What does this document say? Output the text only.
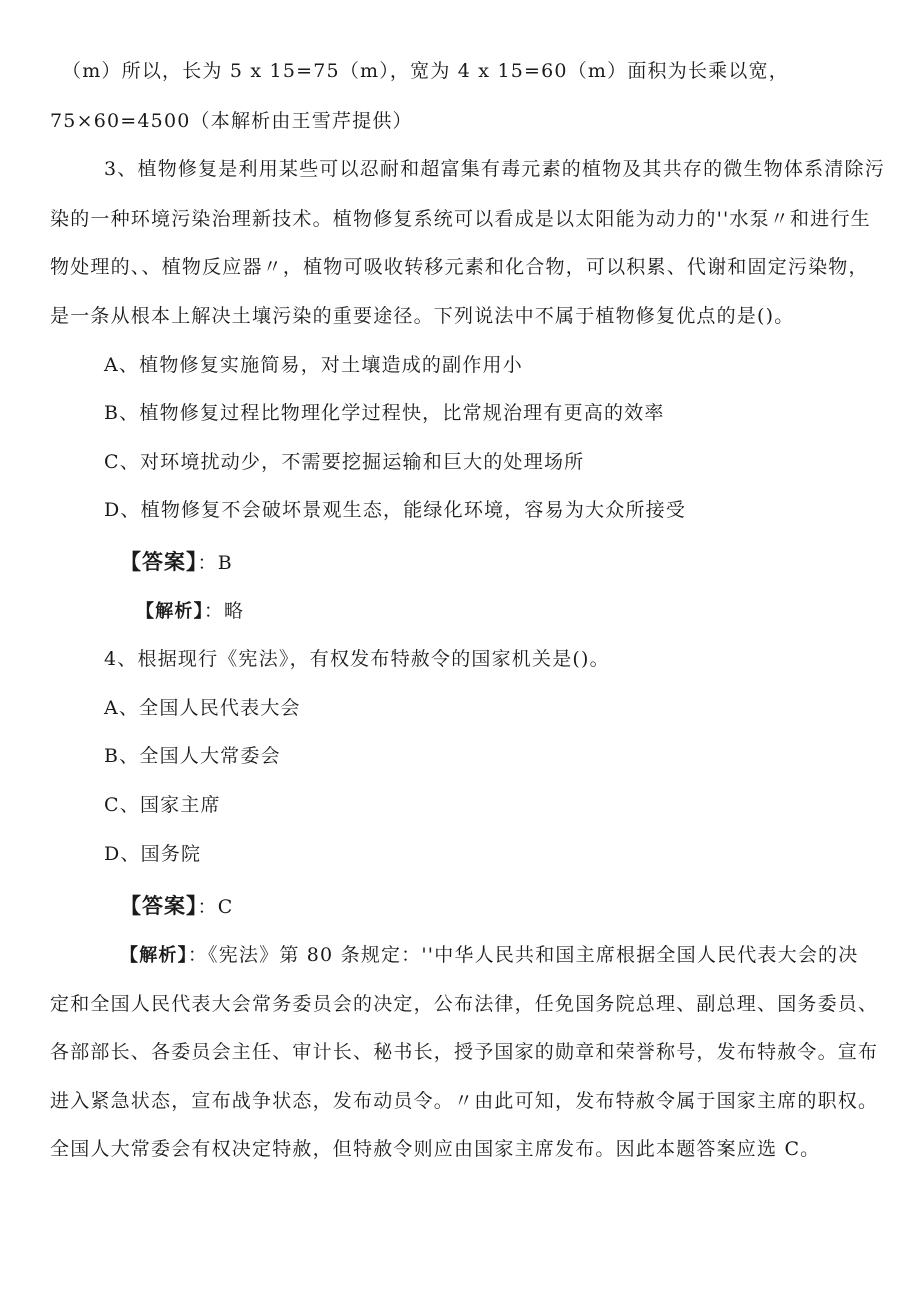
（m）所以，长为 5 x 15=75（m），宽为 4 x 15=60（m）面积为长乘以宽，
75×60=4500（本解析由王雪芹提供）
3、植物修复是利用某些可以忍耐和超富集有毒元素的植物及其共存的微生物体系清除污
染的一种环境污染治理新技术。植物修复系统可以看成是以太阳能为动力的''水泵〃和进行生
物处理的、、植物反应器〃，植物可吸收转移元素和化合物，可以积累、代谢和固定污染物，
是一条从根本上解决土壤污染的重要途径。下列说法中不属于植物修复优点的是()。
A、植物修复实施简易，对土壤造成的副作用小
B、植物修复过程比物理化学过程快，比常规治理有更高的效率
C、对环境扰动少，不需要挖掘运输和巨大的处理场所
D、植物修复不会破坏景观生态，能绿化环境，容易为大众所接受
【答案】：B
【解析】：略
4、根据现行《宪法》，有权发布特赦令的国家机关是()。
A、全国人民代表大会
B、全国人大常委会
C、国家主席
D、国务院
【答案】：C
【解析】：《宪法》第 80 条规定：''中华人民共和国主席根据全国人民代表大会的决
定和全国人民代表大会常务委员会的决定，公布法律，任免国务院总理、副总理、国务委员、
各部部长、各委员会主任、审计长、秘书长，授予国家的勋章和荣誉称号，发布特赦令。宣布
进入紧急状态，宣布战争状态，发布动员令。〃由此可知，发布特赦令属于国家主席的职权。
全国人大常委会有权决定特赦，但特赦令则应由国家主席发布。因此本题答案应选 C。
